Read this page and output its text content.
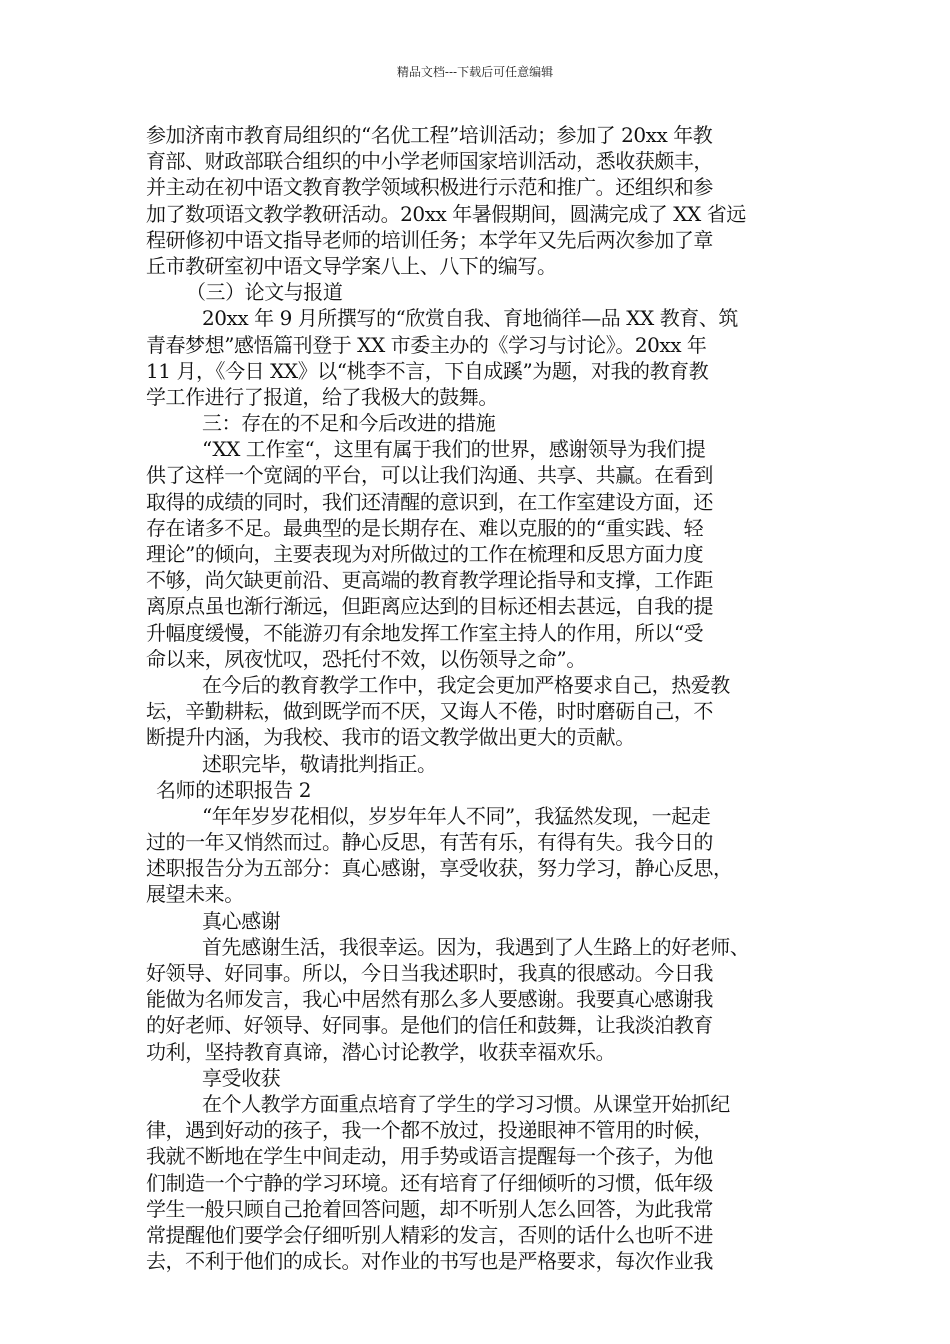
精品文档---下载后可任意编辑
参加济南市教育局组织的“名优工程”培训活动；参加了 20xx 年教
育部、财政部联合组织的中小学老师国家培训活动，悉收获颇丰，
并主动在初中语文教育教学领域积极进行示范和推广。还组织和参
加了数项语文教学教研活动。20xx 年暑假期间，圆满完成了 XX 省远
程研修初中语文指导老师的培训任务；本学年又先后两次参加了章
丘市教研室初中语文导学案八上、八下的编写。
（三）论文与报道
20xx 年 9 月所撰写的“欣赏自我、育地徜徉—品 XX 教育、筑
青春梦想”感悟篇刊登于 XX 市委主办的《学习与讨论》。20xx 年
11 月，《今日 XX》以“桃李不言，下自成蹊”为题，对我的教育教
学工作进行了报道，给了我极大的鼓舞。
三：存在的不足和今后改进的措施
“XX 工作室“，这里有属于我们的世界，感谢领导为我们提
供了这样一个宽阔的平台，可以让我们沟通、共享、共赢。在看到
取得的成绩的同时，我们还清醒的意识到，在工作室建设方面，还
存在诸多不足。最典型的是长期存在、难以克服的的“重实践、轻
理论”的倾向，主要表现为对所做过的工作在梳理和反思方面力度
不够，尚欠缺更前沿、更高端的教育教学理论指导和支撑，工作距
离原点虽也渐行渐远，但距离应达到的目标还相去甚远，自我的提
升幅度缓慢，不能游刃有余地发挥工作室主持人的作用，所以“受
命以来，夙夜忧叹，恐托付不效，以伤领导之命”。
在今后的教育教学工作中，我定会更加严格要求自己，热爱教
坛，辛勤耕耘，做到既学而不厌，又诲人不倦，时时磨砺自己，不
断提升内涵，为我校、我市的语文教学做出更大的贡献。
述职完毕，敬请批判指正。
名师的述职报告 2
“年年岁岁花相似，岁岁年年人不同”，我猛然发现，一起走
过的一年又悄然而过。静心反思，有苦有乐，有得有失。我今日的
述职报告分为五部分：真心感谢，享受收获，努力学习，静心反思，
展望未来。
真心感谢
首先感谢生活，我很幸运。因为，我遇到了人生路上的好老师、
好领导、好同事。所以，今日当我述职时，我真的很感动。今日我
能做为名师发言，我心中居然有那么多人要感谢。我要真心感谢我
的好老师、好领导、好同事。是他们的信任和鼓舞，让我淡泊教育
功利，坚持教育真谛，潜心讨论教学，收获幸福欢乐。
享受收获
在个人教学方面重点培育了学生的学习习惯。从课堂开始抓纪
律，遇到好动的孩子，我一个都不放过，投递眼神不管用的时候，
我就不断地在学生中间走动，用手势或语言提醒每一个孩子，为他
们制造一个宁静的学习环境。还有培育了仔细倾听的习惯，低年级
学生一般只顾自己抢着回答问题，却不听别人怎么回答，为此我常
常提醒他们要学会仔细听别人精彩的发言，否则的话什么也听不进
去，不利于他们的成长。对作业的书写也是严格要求，每次作业我
